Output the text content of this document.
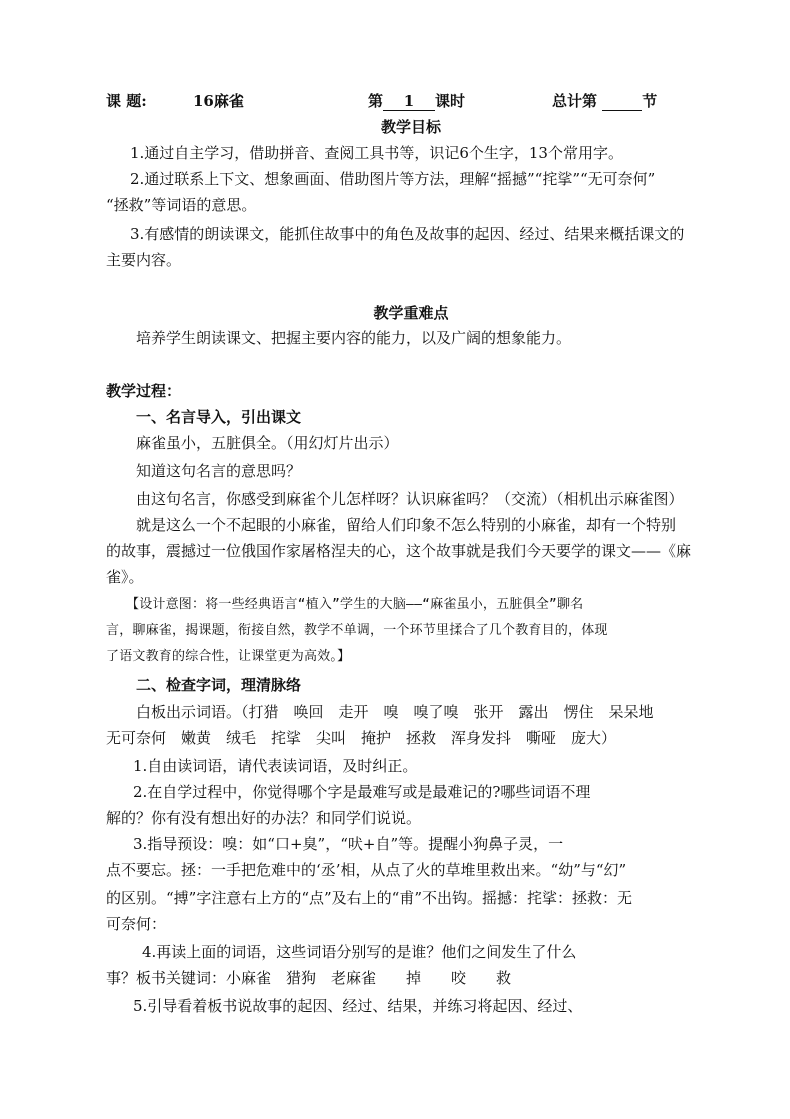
课 题:	16麻雀	第 1 课时	总计第	节
教学目标
1.通过自主学习，借助拼音、查阅工具书等，识记6个生字，13个常用字。
2.通过联系上下文、想象画面、借助图片等方法，理解“摇撼”“挓挲”“无可奈何”
“拯救”等词语的意思。
3.有感情的朗读课文，能抓住故事中的角色及故事的起因、经过、结果来概括课文的
主要内容。
教学重难点
培养学生朗读课文、把握主要内容的能力，以及广阔的想象能力。
教学过程：
一、名言导入，引出课文
麻雀虽小，五脏俱全。（用幻灯片出示）
知道这句名言的意思吗？
由这句名言，你感受到麻雀个儿怎样呀？认识麻雀吗？（交流）（相机出示麻雀图）
就是这么一个不起眼的小麻雀，留给人们印象不怎么特别的小麻雀，却有一个特别
的故事，震撼过一位俄国作家屠格涅夫的心，这个故事就是我们今天要学的课文——《麻
雀》。
【设计意图：将一些经典语言“植入”学生的大脑——“麻雀虽小，五脏俱全”聊名
言，聊麻雀，揭课题，衔接自然，教学不单调，一个环节里揉合了几个教育目的，体现
了语文教育的综合性，让课堂更为高效。】
二、检查字词，理清脉络
白板出示词语。（打猎　唤回　走开　嗅　嗅了嗅　张开　露出　愣住　呆呆地
无可奈何　嫩黄　绒毛　挓挲　尖叫　掩护　拯救　浑身发抖　嘶哑　庞大）
1.自由读词语，请代表读词语，及时纠正。
2.在自学过程中，你觉得哪个字是最难写或是最难记的?哪些词语不理
解的？你有没有想出好的办法？和同学们说说。
3.指导预设：嗅：如“口+臭”，“吠+自”等。提醒小狗鼻子灵，一
点不要忘。拯：一手把危难中的‘丞’相，从点了火的草堆里救出来。“幼”与“幻”
的区别。“搏”字注意右上方的“点”及右上的“甫”不出钩。摇撼：挓挲：拯救：无
可奈何：
4.再读上面的词语，这些词语分别写的是谁？他们之间发生了什么
事？板书关键词：小麻雀　猎狗　老麻雀　　掉　　咬　　救
5.引导看着板书说故事的起因、经过、结果，并练习将起因、经过、
